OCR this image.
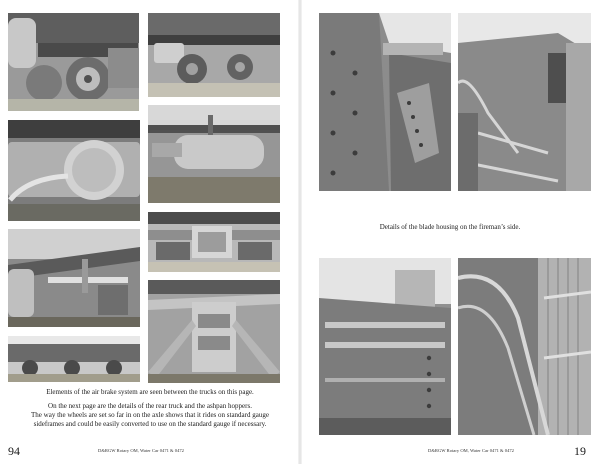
Elements of the air brake system are seen between the trucks on this page.

On the next page are the details of the rear truck and the ashpan hoppers.

The way the wheels are set so far in on the axle shows that it rides on standard gauge

sideframes and could be easily converted to use on the standard gauge if necessary.

94	D&RGW Rotary OM, Water Car 0471 & 0472
Details of the blade housing on the fireman’s side.
D&RGW Rotary OM, Water Car 0471 & 0472	19
